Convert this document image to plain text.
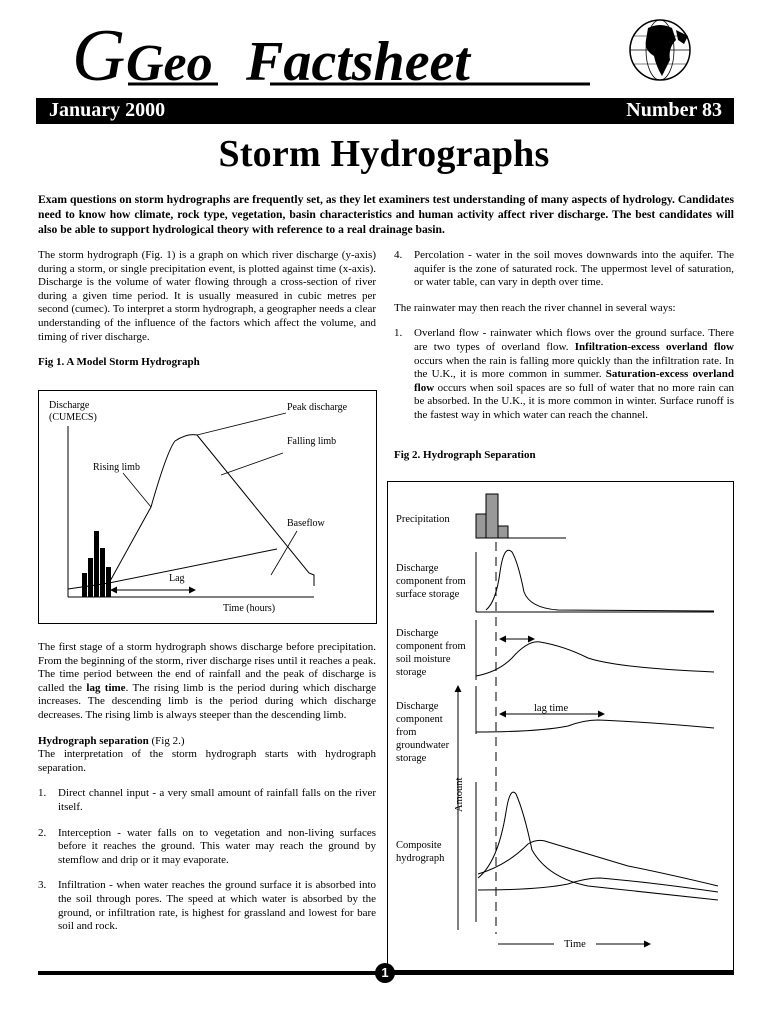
G Geo Factsheet
January 2000	Number 83
Storm Hydrographs
Exam questions on storm hydrographs are frequently set, as they let examiners test understanding of many aspects of hydrology. Candidates need to know how climate, rock type, vegetation, basin characteristics and human activity affect river discharge. The best candidates will also be able to support hydrological theory with reference to a real drainage basin.

The storm hydrograph (Fig. 1) is a graph on which river discharge (y-axis) during a storm, or single precipitation event, is plotted against time (x-axis). Discharge is the volume of water flowing through a cross-section of river during a given time period. It is usually measured in cubic metres per second (cumec). To interpret a storm hydrograph, a geographer needs a clear understanding of the influence of the factors which affect the volume, and timing of river discharge.

Fig 1. A Model Storm Hydrograph

Discharge
(CUMECS)
Peak discharge
Falling limb
Rising limb
Baseflow
Lag
Time (hours)

The first stage of a storm hydrograph shows discharge before precipitation. From the beginning of the storm, river discharge rises until it reaches a peak. The time period between the end of rainfall and the peak of discharge is called the lag time. The rising limb is the period during which discharge increases. The descending limb is the period during which discharge decreases. The rising limb is always steeper than the descending limb.

Hydrograph separation (Fig 2.)

The interpretation of the storm hydrograph starts with hydrograph separation.

1. Direct channel input - a very small amount of rainfall falls on the river itself.
2. Interception - water falls on to vegetation and non-living surfaces before it reaches the ground. This water may reach the ground by stemflow and drip or it may evaporate.
3. Infiltration - when water reaches the ground surface it is absorbed into the soil through pores. The speed at which water is absorbed by the ground, or infiltration rate, is highest for grassland and lowest for bare soil and rock.
4. Percolation - water in the soil moves downwards into the aquifer. The aquifer is the zone of saturated rock. The uppermost level of saturation, or water table, can vary in depth over time.

The rainwater may then reach the river channel in several ways:

1. Overland flow - rainwater which flows over the ground surface. There are two types of overland flow. Infiltration-excess overland flow occurs when the rain is falling more quickly than the infiltration rate. In the U.K., it is more common in summer. Saturation-excess overland flow occurs when soil spaces are so full of water that no more rain can be absorbed. In the U.K., it is more common in winter. Surface runoff is the fastest way in which water can reach the channel.

Fig 2. Hydrograph Separation

Precipitation
Discharge
component from
surface storage
Discharge
component from
soil moisture
storage
Discharge
component
from
groundwater
storage
lag time
Amount
Composite
hydrograph
Time
1
